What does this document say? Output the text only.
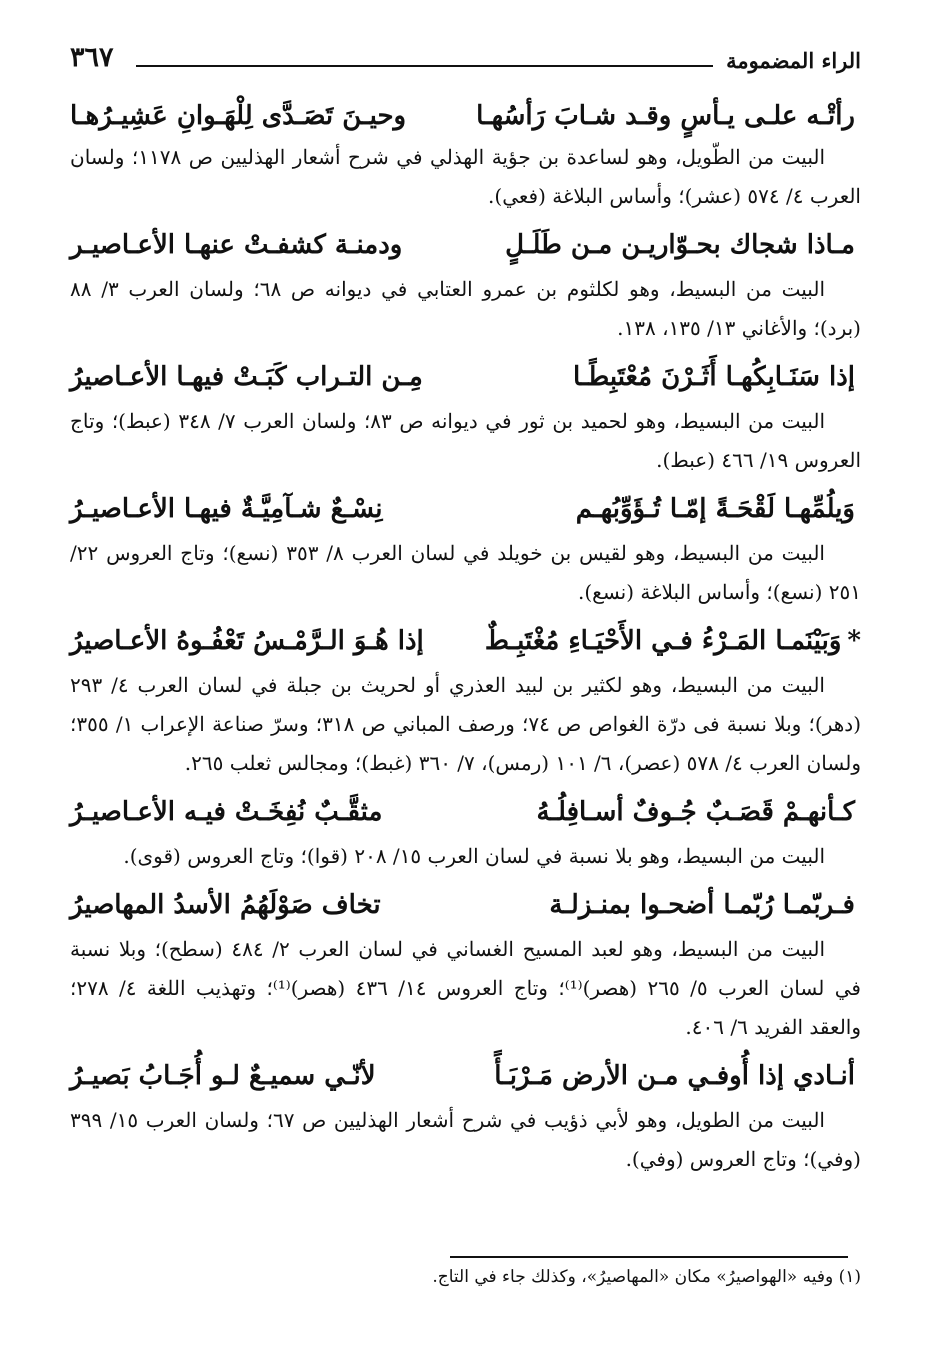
الراء المضمومة
٣٦٧
رأتْـه علـى يـأسٍ وقـد شـابَ رَأسُهـا
وحيـنَ تَصَـدَّى لِلْهَـوانِ عَشِيـرُهـا

البيت من الطّويل، وهو لساعدة بن جؤية الهذلي في شرح أشعار الهذليين ص ١١٧٨؛ ولسان العرب ٤/ ٥٧٤ (عشر)؛ وأساس البلاغة (فعي).

مـاذا شجاك بحـوّاريـن مـن طَلَـلٍ
ودمنـة كشفـتْ عنهـا الأعـاصيـر

البيت من البسيط، وهو لكلثوم بن عمرو العتابي في ديوانه ص ٦٨؛ ولسان العرب ٣/ ٨٨ (برد)؛ والأغاني ١٣/ ١٣٥، ١٣٨.

إذا سَنَـابِكُهـا أَثَـرْنَ مُعْتَبِطًـا
مِـن التـراب كَبَـتْ فيهـا الأعـاصيرُ

البيت من البسيط، وهو لحميد بن ثور في ديوانه ص ٨٣؛ ولسان العرب ٧/ ٣٤٨ (عبط)؛ وتاج العروس ١٩/ ٤٦٦ (عبط).

وَيلُمِّهـا لَقْحَـةً إمّـا تُـؤَوِّبُهـم
نِسْـعٌ شـآمِيَّـةٌ فيهـا الأعـاصيـرُ

البيت من البسيط، وهو لقيس بن خويلد في لسان العرب ٨/ ٣٥٣ (نسع)؛ وتاج العروس ٢٢/ ٢٥١ (نسع)؛ وأساس البلاغة (نسع).

*وَبَيْنَمـا المَـرْءُ فـي الأَحْيَـاءِ مُغْتَبِـطٌ
إذا هُـوَ الـرَّمْـسُ تَعْفُـوهُ الأعـاصيرُ

البيت من البسيط، وهو لكثير بن لبيد العذري أو لحريث بن جبلة في لسان العرب ٤/ ٢٩٣ (دهر)؛ وبلا نسبة فى درّة الغواص ص ٧٤؛ ورصف المباني ص ٣١٨؛ وسرّ صناعة الإعراب ١/ ٣٥٥؛ ولسان العرب ٤/ ٥٧٨ (عصر)، ٦/ ١٠١ (رمس)، ٧/ ٣٦٠ (غبط)؛ ومجالس ثعلب ٢٦٥.

كـأنهـمْ قَصَـبٌ جُـوفٌ أسـافِلُـهُ
مثقَّـبٌ نُفِخَـتْ فيـه الأعـاصيـرُ

البيت من البسيط، وهو بلا نسبة في لسان العرب ١٥/ ٢٠٨ (قوا)؛ وتاج العروس (قوى).

فـربّمـا رُبّمـا أضحـوا بمنـزلـة
تخاف صَوْلَهُمُ الأسدُ المهاصيرُ

البيت من البسيط، وهو لعبد المسيح الغساني في لسان العرب ٢/ ٤٨٤ (سطح)؛ وبلا نسبة في لسان العرب ٥/ ٢٦٥ (هصر)⁽¹⁾؛ وتاج العروس ١٤/ ٤٣٦ (هصر)⁽¹⁾؛ وتهذيب اللغة ٤/ ٢٧٨؛ والعقد الفريد ٦/ ٤٠٦.

أنـادي إذا أُوفـي مـن الأرض مَـرْبَـأً
لأنّـي سميـعٌ لـو أُجَـابُ بَصيـرُ

البيت من الطويل، وهو لأبي ذؤيب في شرح أشعار الهذليين ص ٦٧؛ ولسان العرب ١٥/ ٣٩٩ (وفي)؛ وتاج العروس (وفي).

(١) وفيه «الهواصيرُ» مكان «المهاصيرُ»، وكذلك جاء في التاج.
